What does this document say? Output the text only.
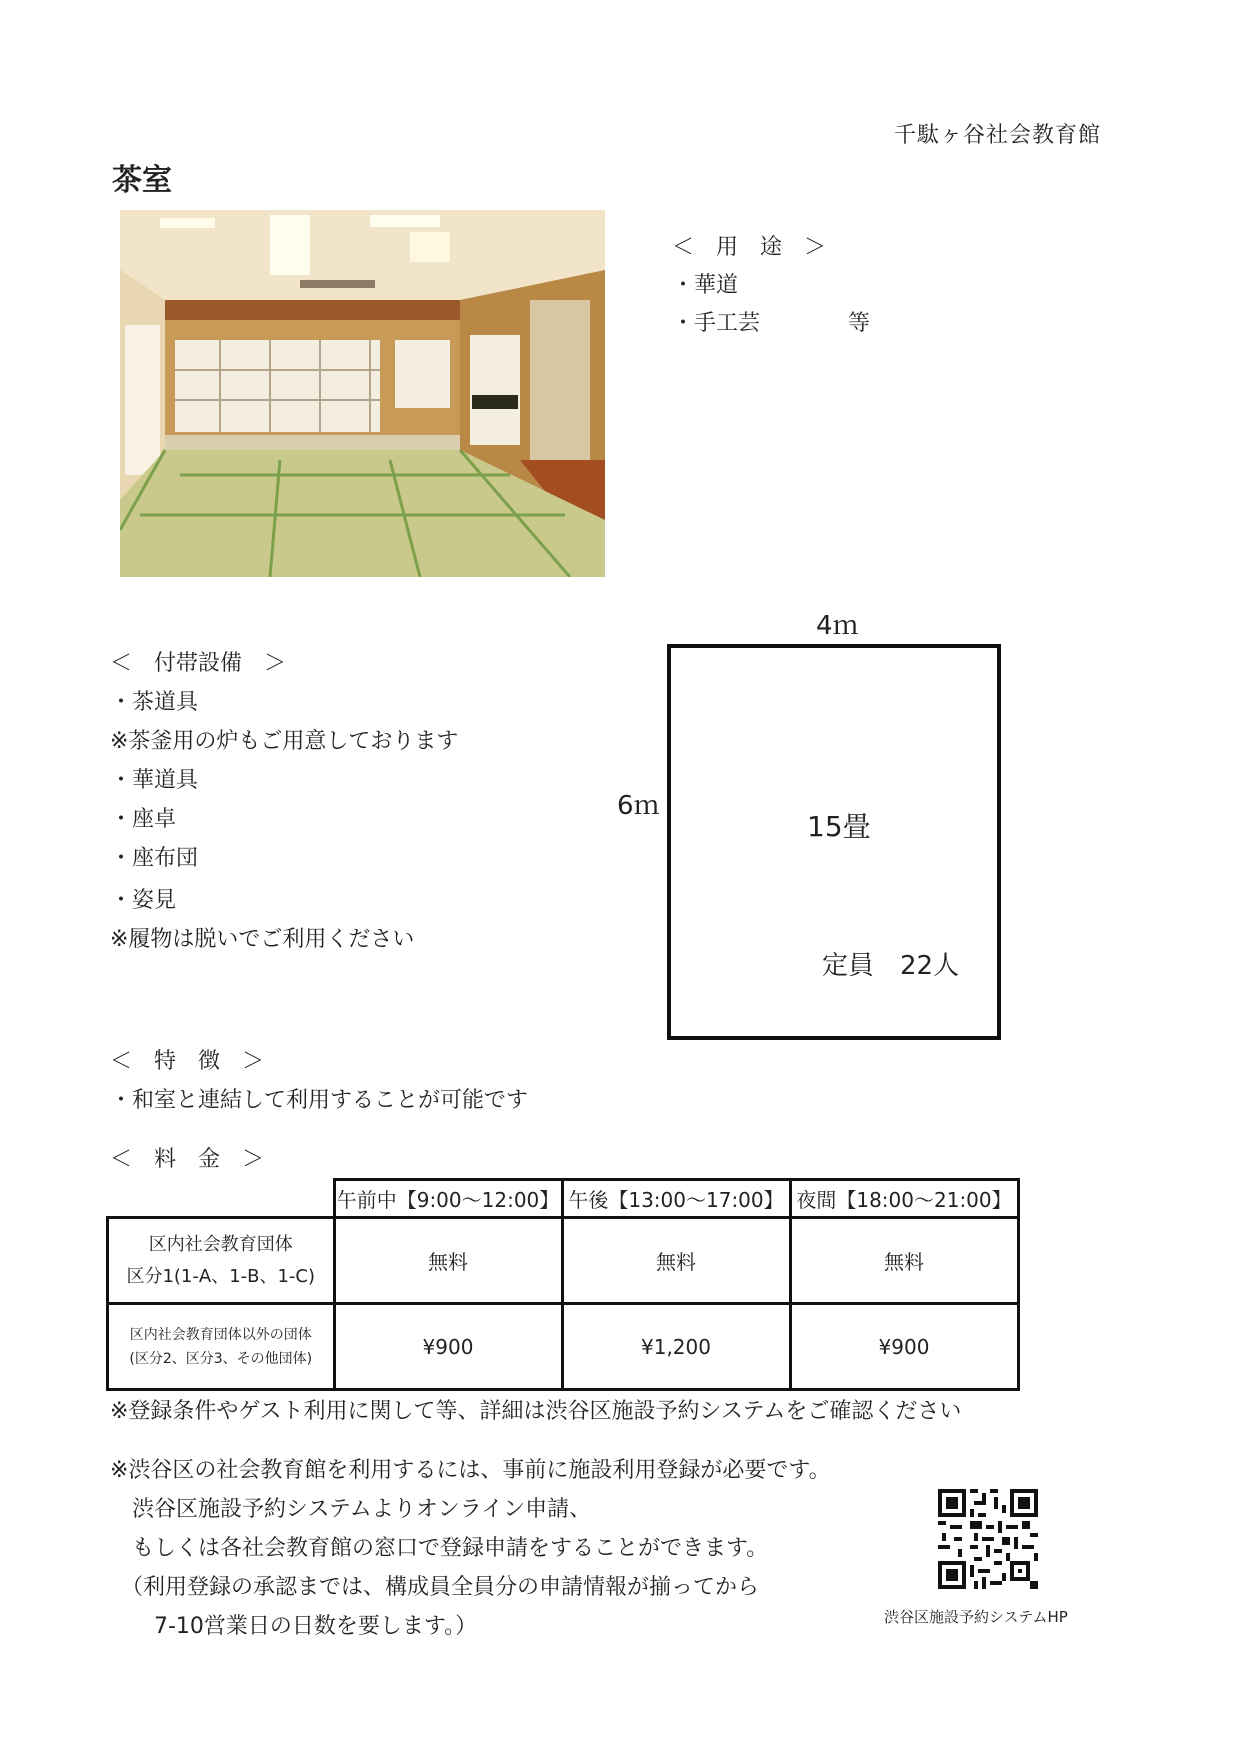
千駄ヶ谷社会教育館
茶室
＜　用　途　＞
・華道
・手工芸　　　　等
4ｍ
6ｍ
15畳
定員　22人
＜　付帯設備　＞
・茶道具
※茶釜用の炉もご用意しております
・華道具
・座卓
・座布団
・姿見
※履物は脱いでご利用ください
＜　特　徴　＞
・和室と連結して利用することが可能です
＜　料　金　＞
	午前中【9:00～12:00】	午後【13:00～17:00】	夜間【18:00～21:00】

区内社会教育団体
区分1(1-A、1-B、1-C)	無料	無料	無料

区内社会教育団体以外の団体
(区分2、区分3、その他団体)	¥900	¥1,200	¥900
※登録条件やゲスト利用に関して等、詳細は渋谷区施設予約システムをご確認ください
※渋谷区の社会教育館を利用するには、事前に施設利用登録が必要です。
　渋谷区施設予約システムよりオンライン申請、
　もしくは各社会教育館の窓口で登録申請をすることができます。
　（利用登録の承認までは、構成員全員分の申請情報が揃ってから
　　7-10営業日の日数を要します。）	渋谷区施設予約システムHP
